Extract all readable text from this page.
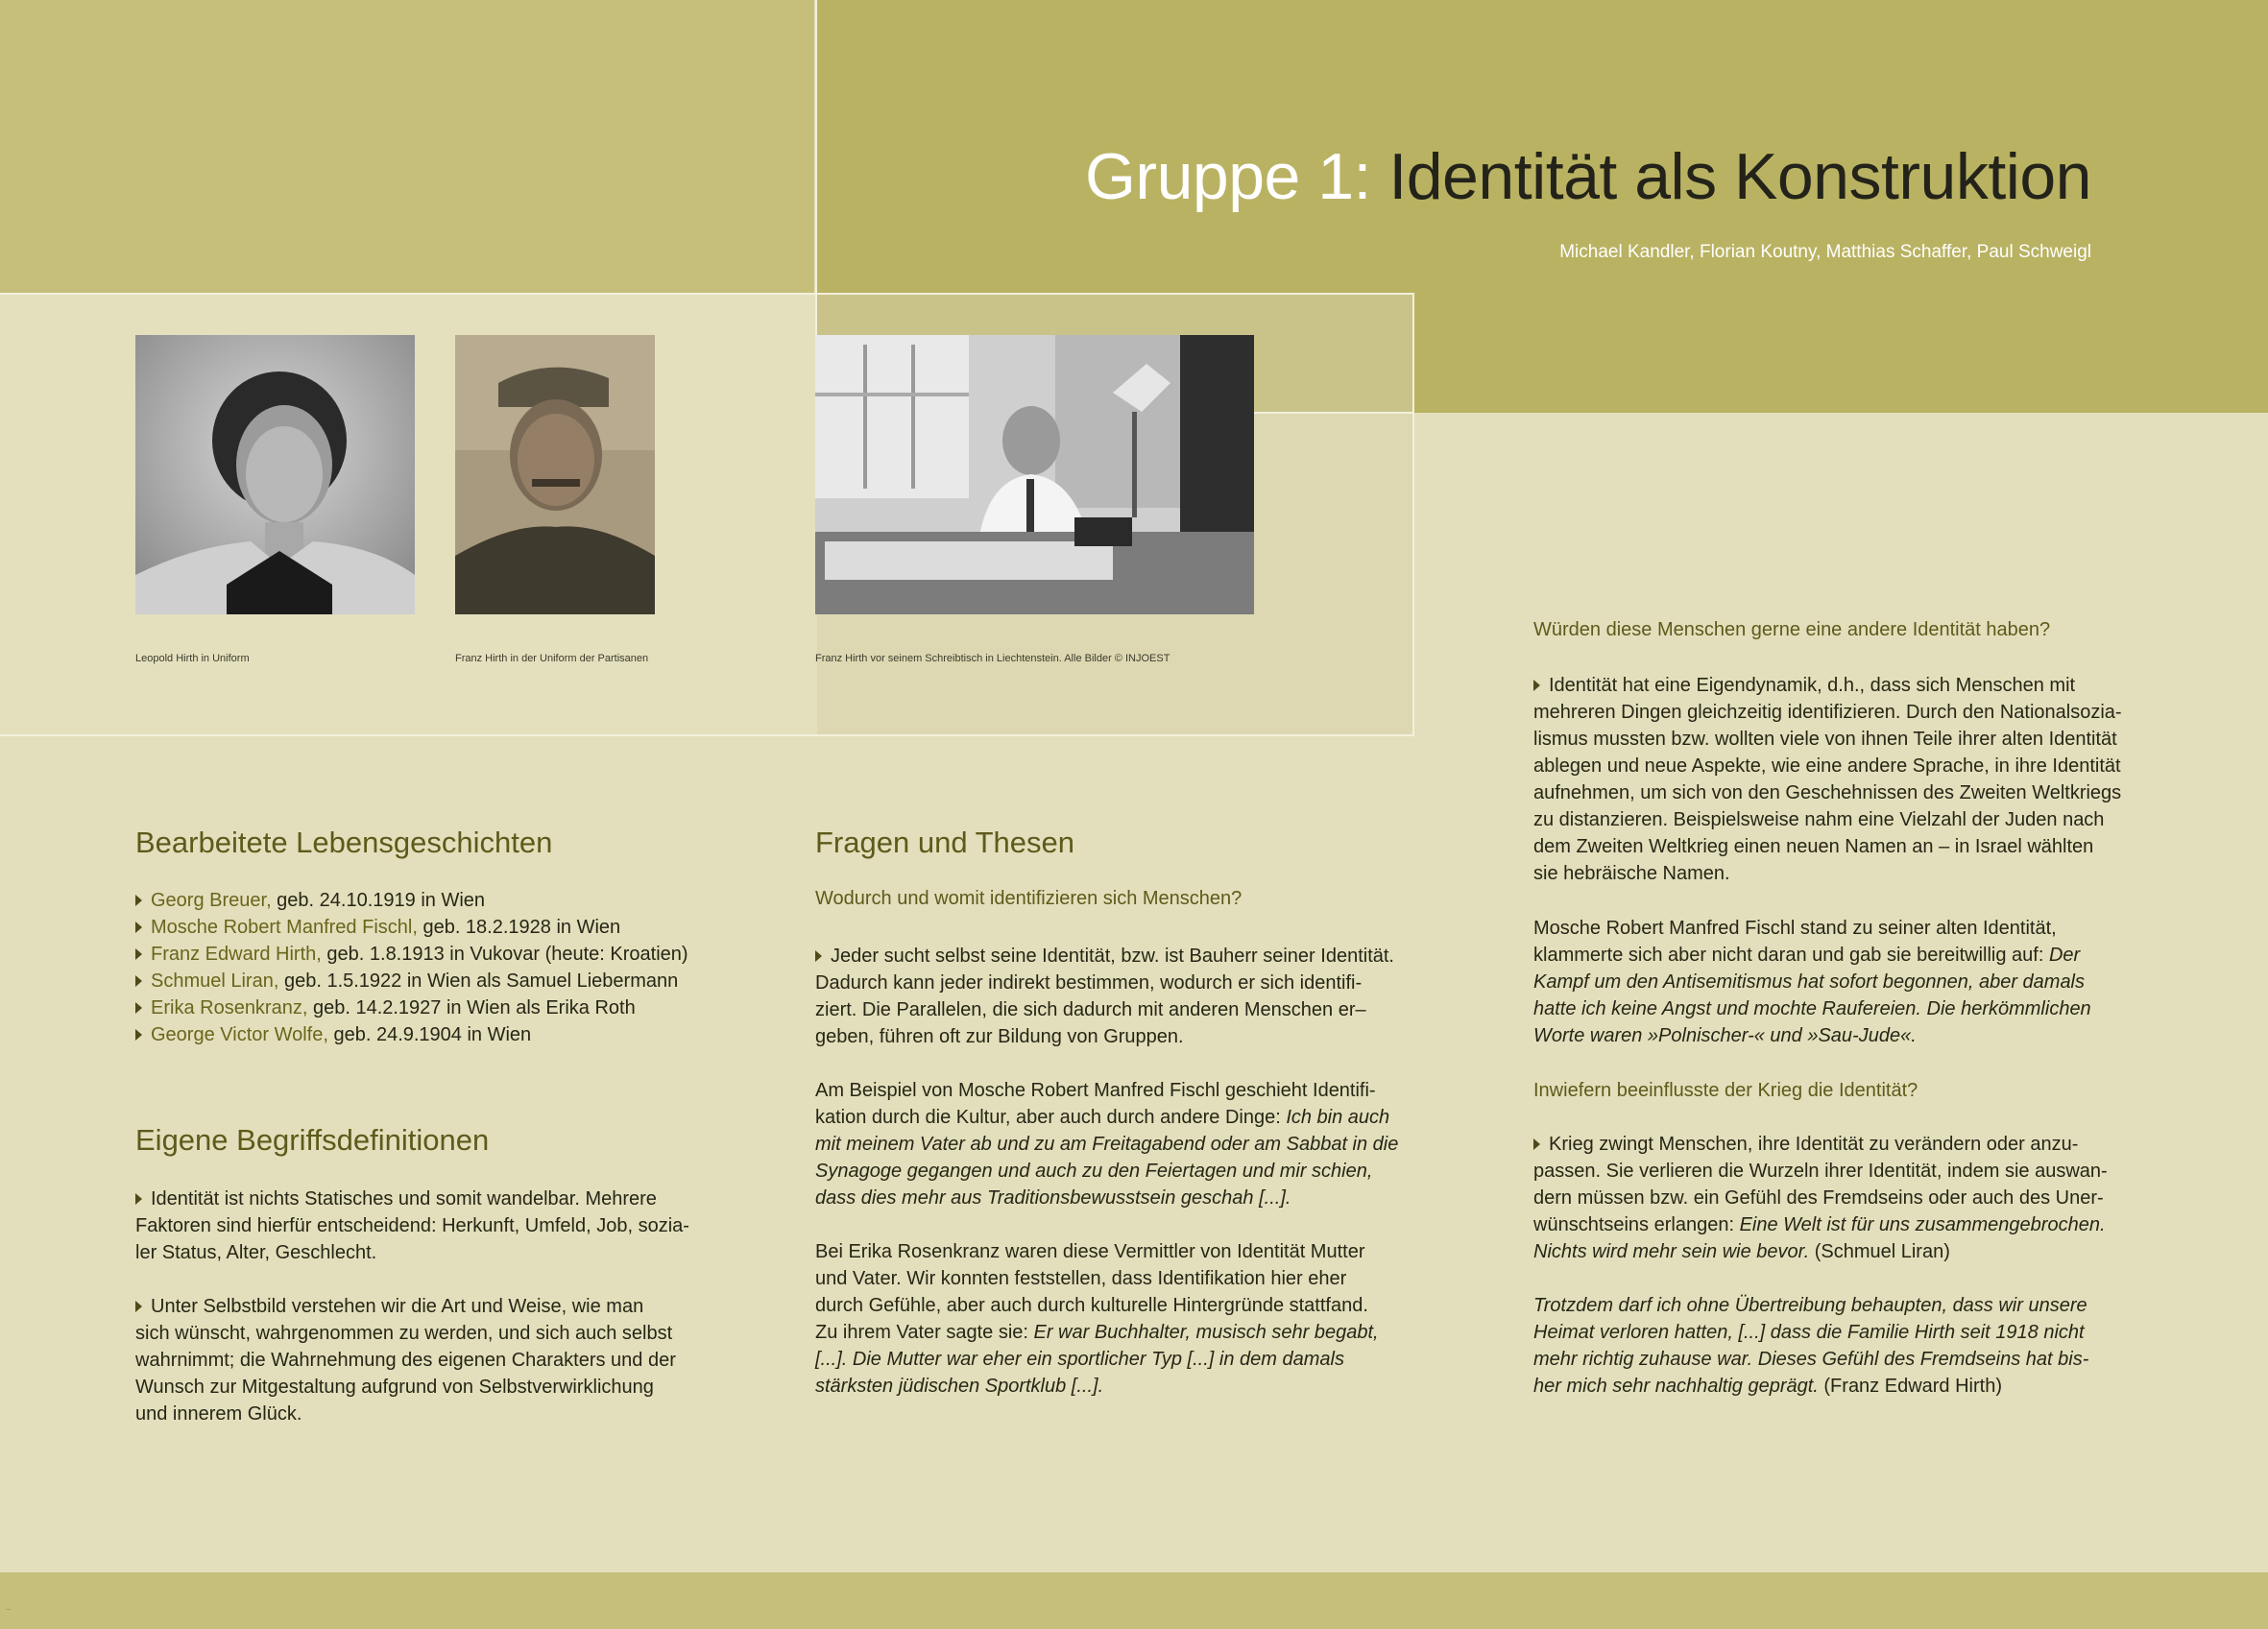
Gruppe 1: Identität als Konstruktion
Michael Kandler, Florian Koutny, Matthias Schaffer, Paul Schweigl
Leopold Hirth in Uniform	Franz Hirth in der Uniform der Partisanen	Franz Hirth vor seinem Schreibtisch in Liechtenstein. Alle Bilder © INJOEST
Bearbeitete Lebensgeschichten
Georg Breuer, geb. 24.10.1919 in Wien
Mosche Robert Manfred Fischl, geb. 18.2.1928 in Wien
Franz Edward Hirth, geb. 1.8.1913 in Vukovar (heute: Kroatien)
Schmuel Liran, geb. 1.5.1922 in Wien als Samuel Liebermann
Erika Rosenkranz, geb. 14.2.1927 in Wien als Erika Roth
George Victor Wolfe, geb. 24.9.1904 in Wien
Eigene Begriffsdefinitionen

Identität ist nichts Statisches und somit wandelbar. Mehrere
Faktoren sind hierfür entscheidend: Herkunft, Umfeld, Job, sozia-
ler Status, Alter, Geschlecht.

Unter Selbstbild verstehen wir die Art und Weise, wie man
sich wünscht, wahrgenommen zu werden, und sich auch selbst
wahrnimmt; die Wahrnehmung des eigenen Charakters und der
Wunsch zur Mitgestaltung aufgrund von Selbstverwirklichung
und innerem Glück.

Fragen und Thesen
Wodurch und womit identifizieren sich Menschen?

Jeder sucht selbst seine Identität, bzw. ist Bauherr seiner Identität.
Dadurch kann jeder indirekt bestimmen, wodurch er sich identifi-
ziert. Die Parallelen, die sich dadurch mit anderen Menschen er–
geben, führen oft zur Bildung von Gruppen.

Am Beispiel von Mosche Robert Manfred Fischl geschieht Identifi-
kation durch die Kultur, aber auch durch andere Dinge: Ich bin auch
mit meinem Vater ab und zu am Freitagabend oder am Sabbat in die
Synagoge gegangen und auch zu den Feiertagen und mir schien,
dass dies mehr aus Traditionsbewusstsein geschah [...].

Bei Erika Rosenkranz waren diese Vermittler von Identität Mutter
und Vater. Wir konnten feststellen, dass Identifikation hier eher
durch Gefühle, aber auch durch kulturelle Hintergründe stattfand.
Zu ihrem Vater sagte sie: Er war Buchhalter, musisch sehr begabt,
[...]. Die Mutter war eher ein sportlicher Typ [...] in dem damals
stärksten jüdischen Sportklub [...].

Würden diese Menschen gerne eine andere Identität haben?

Identität hat eine Eigendynamik, d.h., dass sich Menschen mit
mehreren Dingen gleichzeitig identifizieren. Durch den Nationalsozia-
lismus mussten bzw. wollten viele von ihnen Teile ihrer alten Identität
ablegen und neue Aspekte, wie eine andere Sprache, in ihre Identität
aufnehmen, um sich von den Geschehnissen des Zweiten Weltkriegs
zu distanzieren. Beispielsweise nahm eine Vielzahl der Juden nach
dem Zweiten Weltkrieg einen neuen Namen an – in Israel wählten
sie hebräische Namen.

Mosche Robert Manfred Fischl stand zu seiner alten Identität,
klammerte sich aber nicht daran und gab sie bereitwillig auf: Der
Kampf um den Antisemitismus hat sofort begonnen, aber damals
hatte ich keine Angst und mochte Raufereien. Die herkömmlichen
Worte waren »Polnischer-« und »Sau-Jude«.

Inwiefern beeinflusste der Krieg die Identität?

Krieg zwingt Menschen, ihre Identität zu verändern oder anzu-
passen. Sie verlieren die Wurzeln ihrer Identität, indem sie auswan-
dern müssen bzw. ein Gefühl des Fremdseins oder auch des Uner-
wünschtseins erlangen: Eine Welt ist für uns zusammengebrochen.
Nichts wird mehr sein wie bevor. (Schmuel Liran)

Trotzdem darf ich ohne Übertreibung behaupten, dass wir unsere
Heimat verloren hatten, [...] dass die Familie Hirth seit 1918 nicht
mehr richtig zuhause war. Dieses Gefühl des Fremdseins hat bis-
her mich sehr nachhaltig geprägt. (Franz Edward Hirth)

~
